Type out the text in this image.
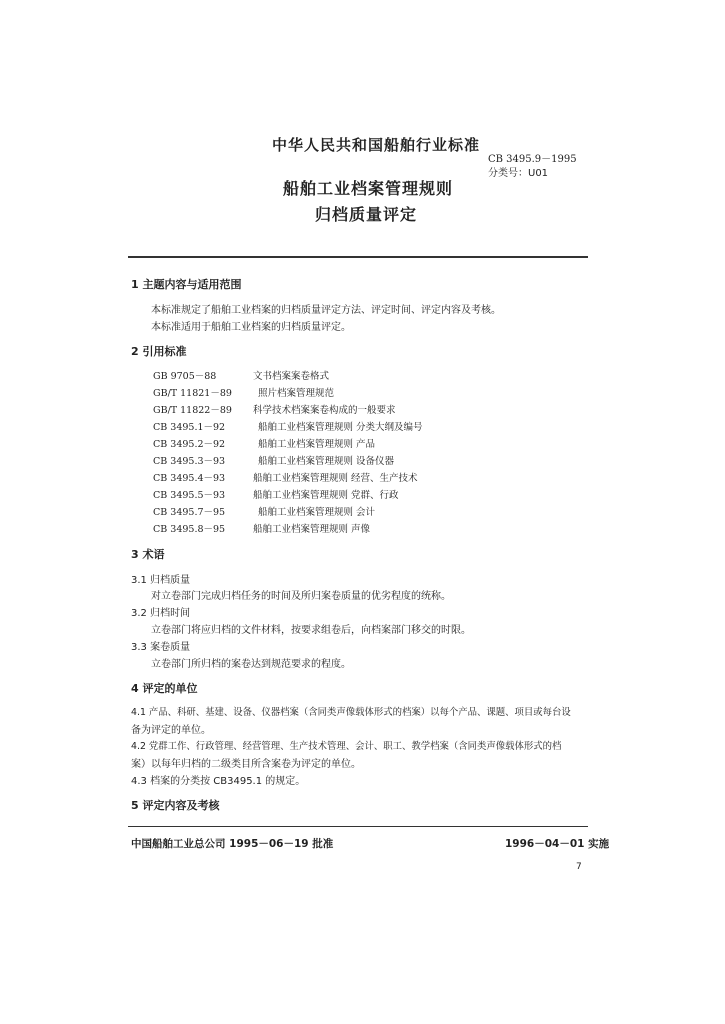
中华人民共和国船舶行业标准
CB 3495.9－1995
分类号：U01
船舶工业档案管理规则
归档质量评定
1 主题内容与适用范围
本标准规定了船舶工业档案的归档质量评定方法、评定时间、评定内容及考核。
本标准适用于船舶工业档案的归档质量评定。
2 引用标准
GB 9705－88	文书档案案卷格式
GB/T 11821－89	照片档案管理规范
GB/T 11822－89 科学技术档案案卷构成的一般要求
CB 3495.1－92	船舶工业档案管理规则 分类大纲及编号
CB 3495.2－92	船舶工业档案管理规则 产品
CB 3495.3－93	船舶工业档案管理规则 设备仪器
CB 3495.4－93	船舶工业档案管理规则 经营、生产技术
CB 3495.5－93	船舶工业档案管理规则 党群、行政
CB 3495.7－95	船舶工业档案管理规则 会计
CB 3495.8－95	船舶工业档案管理规则 声像
3 术语
3.1 归档质量
对立卷部门完成归档任务的时间及所归案卷质量的优劣程度的统称。
3.2 归档时间
立卷部门将应归档的文件材料，按要求组卷后，向档案部门移交的时限。
3.3 案卷质量
立卷部门所归档的案卷达到规范要求的程度。
4 评定的单位
4.1 产品、科研、基建、设备、仪器档案（含同类声像载体形式的档案）以每个产品、课题、项目或每台设
备为评定的单位。
4.2 党群工作、行政管理、经营管理、生产技术管理、会计、职工、教学档案（含同类声像载体形式的档
案）以每年归档的二级类目所含案卷为评定的单位。
4.3 档案的分类按 CB3495.1 的规定。
5 评定内容及考核
中国船舶工业总公司 1995－06－19 批准	1996－04－01 实施
7
